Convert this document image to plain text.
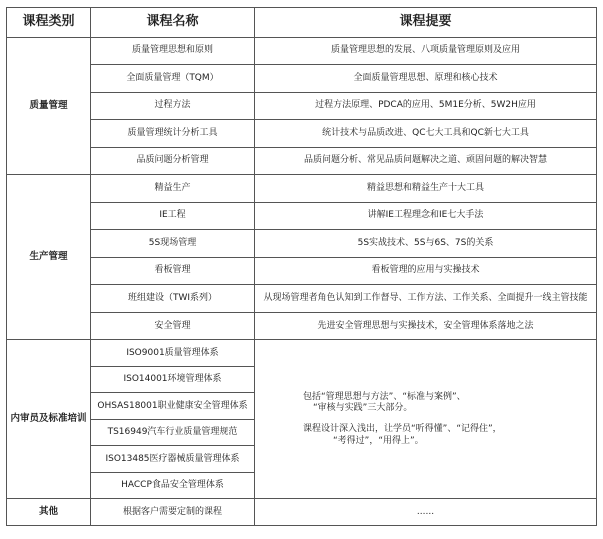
课程类别	课程名称	课程提要
质量管理	质量管理思想和原则	质量管理思想的发展、八项质量管理原则及应用
	全面质量管理（TQM）	全面质量管理思想、原理和核心技术
	过程方法	过程方法原理、PDCA的应用、5M1E分析、5W2H应用
	质量管理统计分析工具	统计技术与品质改进、QC七大工具和QC新七大工具
	品质问题分析管理	品质问题分析、常见品质问题解决之道、顽固问题的解决智慧
生产管理	精益生产	精益思想和精益生产十大工具
	IE工程	讲解IE工程理念和IE七大手法
	5S现场管理	5S实战技术、5S与6S、7S的关系
	看板管理	看板管理的应用与实操技术
	班组建设（TWI系列）	从现场管理者角色认知到工作督导、工作方法、工作关系、全面提升一线主管技能
	安全管理	先进安全管理思想与实操技术，安全管理体系落地之法
内审员及标准培训	ISO9001质量管理体系	包括“管理思想与方法”、“标准与案例”、

“审核与实践”三大部分。

课程设计深入浅出，让学员“听得懂”、“记得住”，

“考得过”，“用得上”。

	ISO14001环境管理体系	
	OHSAS18001职业健康安全管理体系	
	TS16949汽车行业质量管理规范	
	ISO13485医疗器械质量管理体系	
	HACCP食品安全管理体系	
其他	根据客户需要定制的课程	......
